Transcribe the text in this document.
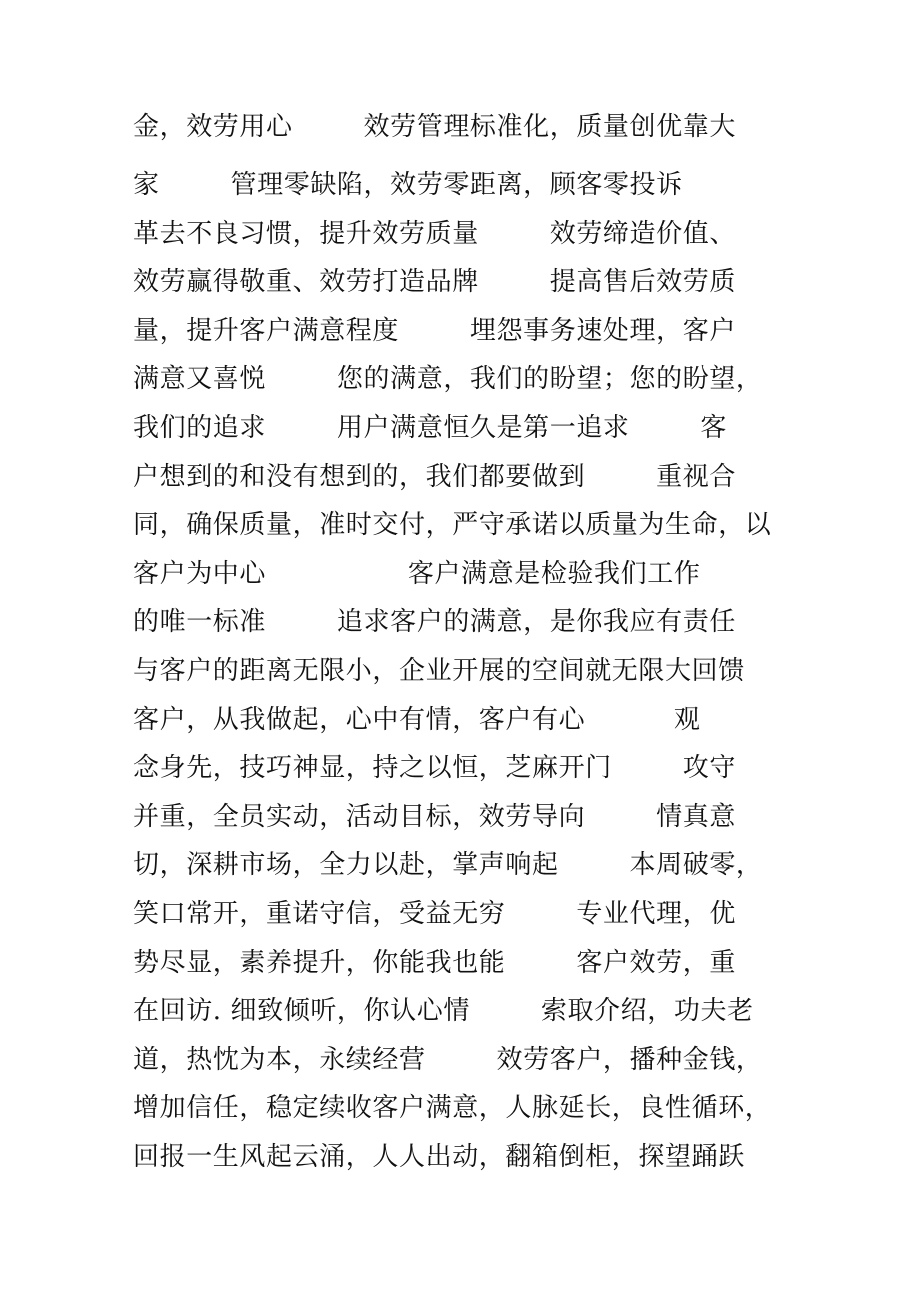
金，效劳用心        效劳管理标准化，质量创优靠大
家        管理零缺陷，效劳零距离，顾客零投诉
革去不良习惯，提升效劳质量        效劳缔造价值、
效劳赢得敬重、效劳打造品牌        提高售后效劳质
量，提升客户满意程度        埋怨事务速处理，客户
满意又喜悦        您的满意，我们的盼望；您的盼望，
我们的追求        用户满意恒久是第一追求        客
户想到的和没有想到的，我们都要做到        重视合
同，确保质量，准时交付，严守承诺以质量为生命，以
客户为中心                客户满意是检验我们工作
的唯一标准        追求客户的满意，是你我应有责任
与客户的距离无限小，企业开展的空间就无限大回馈
客户，从我做起，心中有情，客户有心          观
念身先，技巧神显，持之以恒，芝麻开门        攻守
并重，全员实动，活动目标，效劳导向        情真意
切，深耕市场，全力以赴，掌声响起        本周破零，
笑口常开，重诺守信，受益无穷        专业代理，优
势尽显，素养提升，你能我也能        客户效劳，重
在回访. 细致倾听，你认心情        索取介绍，功夫老
道，热忱为本，永续经营        效劳客户，播种金钱，
增加信任，稳定续收客户满意，人脉延长，良性循环，
回报一生风起云涌，人人出动，翻箱倒柜，探望踊跃
